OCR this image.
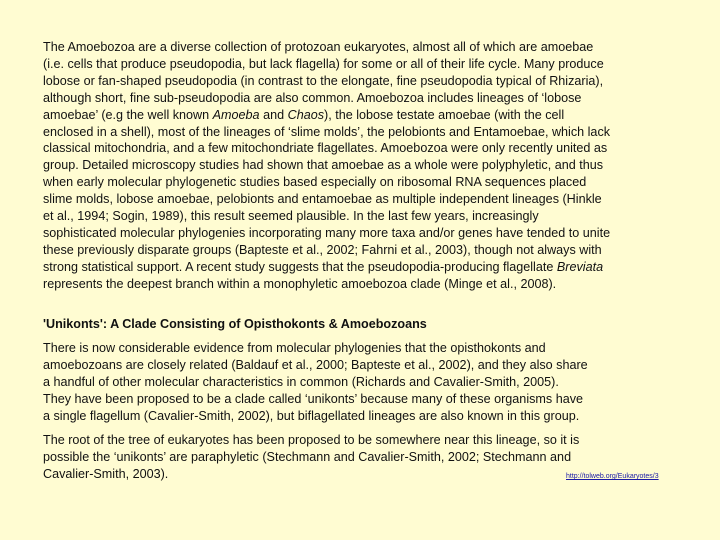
The Amoebozoa are a diverse collection of protozoan eukaryotes, almost all of which are amoebae
(i.e. cells that produce pseudopodia, but lack flagella) for some or all of their life cycle. Many produce
lobose or fan-shaped pseudopodia (in contrast to the elongate, fine pseudopodia typical of Rhizaria),
although short, fine sub-pseudopodia are also common. Amoebozoa includes lineages of ‘lobose
amoebae’ (e.g the well known Amoeba and Chaos), the lobose testate amoebae (with the cell
enclosed in a shell), most of the lineages of ‘slime molds’, the pelobionts and Entamoebae, which lack
classical mitochondria, and a few mitochondriate flagellates. Amoebozoa were only recently united as
group. Detailed microscopy studies had shown that amoebae as a whole were polyphyletic, and thus
when early molecular phylogenetic studies based especially on ribosomal RNA sequences placed
slime molds, lobose amoebae, pelobionts and entamoebae as multiple independent lineages (Hinkle
et al., 1994; Sogin, 1989), this result seemed plausible. In the last few years, increasingly
sophisticated molecular phylogenies incorporating many more taxa and/or genes have tended to unite
these previously disparate groups (Bapteste et al., 2002; Fahrni et al., 2003), though not always with
strong statistical support. A recent study suggests that the pseudopodia-producing flagellate Breviata
represents the deepest branch within a monophyletic amoebozoa clade (Minge et al., 2008).
'Unikonts': A Clade Consisting of Opisthokonts & Amoebozoans
There is now considerable evidence from molecular phylogenies that the opisthokonts and
amoebozoans are closely related (Baldauf et al., 2000; Bapteste et al., 2002), and they also share
a handful of other molecular characteristics in common (Richards and Cavalier-Smith, 2005).
They have been proposed to be a clade called ‘unikonts’ because many of these organisms have
a single flagellum (Cavalier-Smith, 2002), but biflagellated lineages are also known in this group.
The root of the tree of eukaryotes has been proposed to be somewhere near this lineage, so it is
possible the ‘unikonts’ are paraphyletic (Stechmann and Cavalier-Smith, 2002; Stechmann and
Cavalier-Smith, 2003).	http://tolweb.org/Eukaryotes/3
